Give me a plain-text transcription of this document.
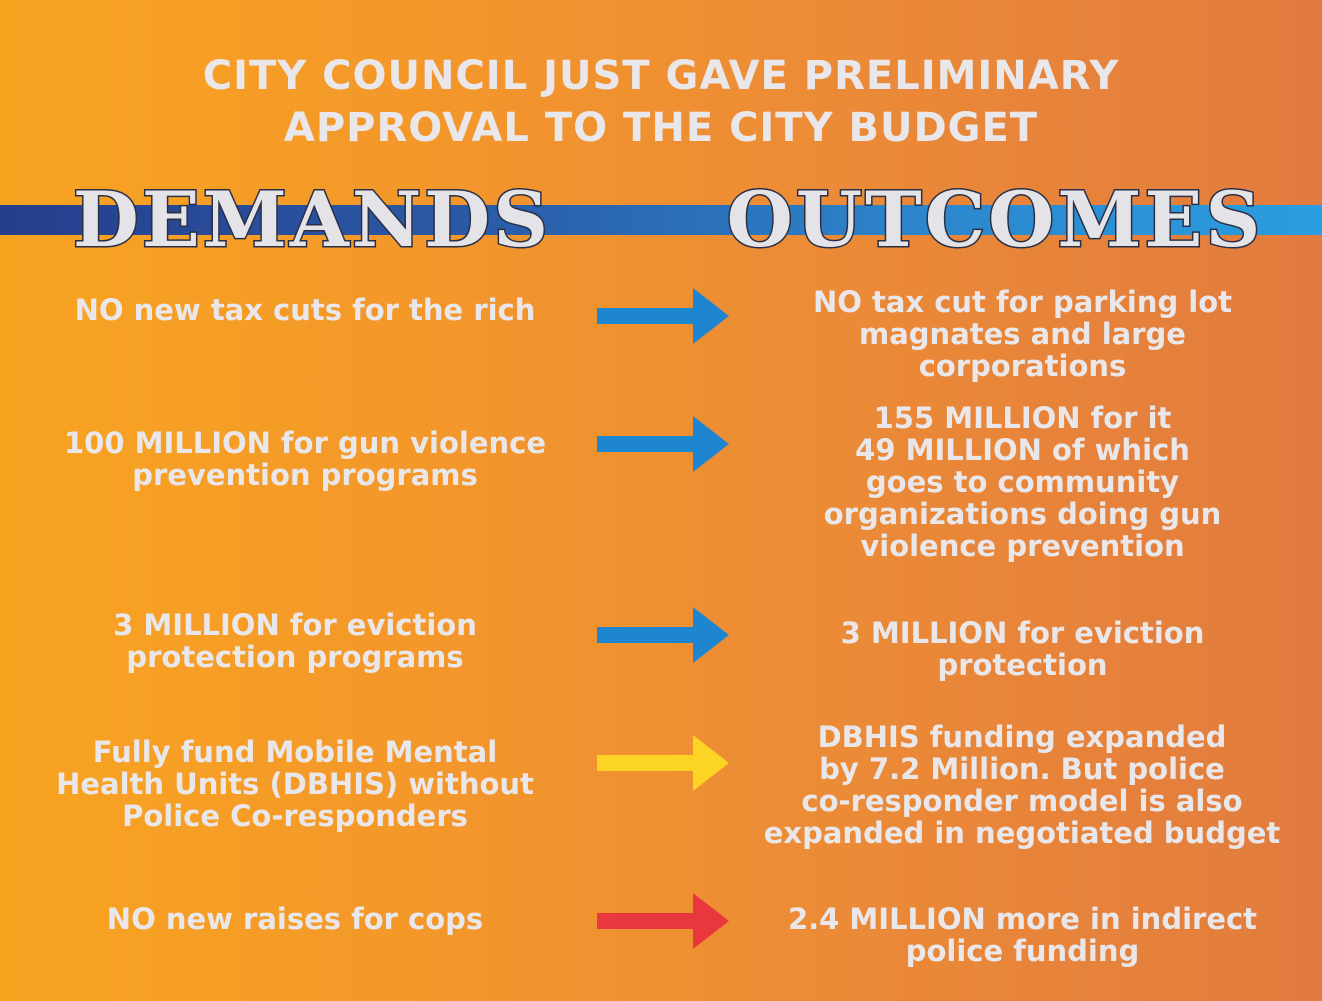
CITY COUNCIL JUST GAVE PRELIMINARY
APPROVAL TO THE CITY BUDGET
DEMANDS OUTCOMES
NO new tax cuts for the rich	NO tax cut for parking lot
magnates and large
corporations
100 MILLION for gun violence
prevention programs
155 MILLION for it
49 MILLION of which
goes to community
organizations doing gun
violence prevention
3 MILLION for eviction
protection programs
3 MILLION for eviction
protection
Fully fund Mobile Mental
Health Units (DBHIS) without
Police Co-responders
DBHIS funding expanded
by 7.2 Million. But police
co-responder model is also
expanded in negotiated budget
NO new raises for cops	2.4 MILLION more in indirect
police funding
